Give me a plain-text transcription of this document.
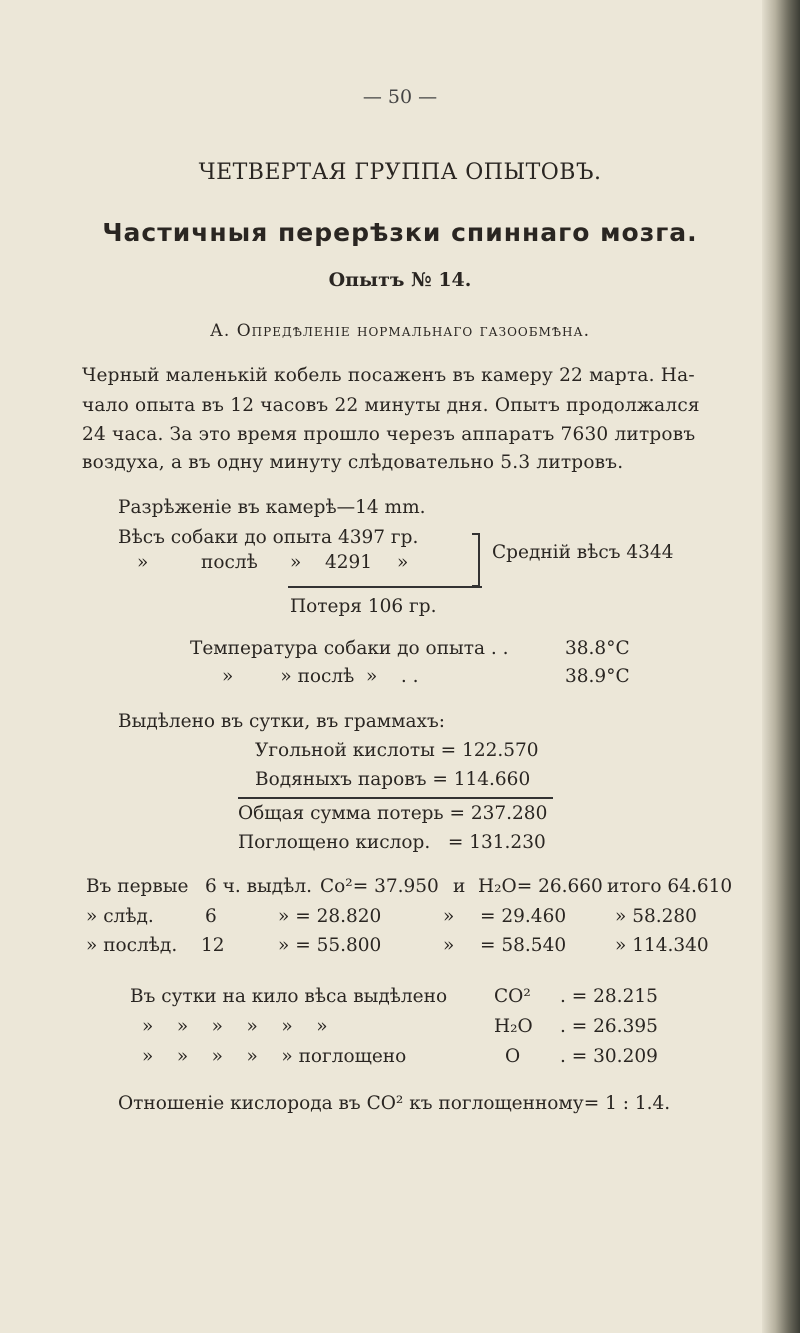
— 50 —
ЧЕТВЕРТАЯ ГРУППА ОПЫТОВЪ.
Частичныя перерѣзки спиннаго мозга.
Опытъ № 14.
А. Опредѣленіе нормальнаго газообмѣна.
Черный маленькій кобель посаженъ въ камеру 22 марта. На-
чало опыта въ 12 часовъ 22 минуты дня. Опытъ продолжался
24 часа. За это время прошло черезъ аппаратъ 7630 литровъ
воздуха, а въ одну минуту слѣдовательно 5.3 литровъ.
Разрѣженіе въ камерѣ—14 mm.
Вѣсъ собаки до опыта 4397 гр.
»	послѣ » 4291 »	Средній вѣсъ 4344
Потеря 106 гр.
Температура собаки до опыта . .	38.8°С
»        » послѣ  »    . .	38.9°С
Выдѣлено въ сутки, въ граммахъ:
Угольной кислоты = 122.570
Водяныхъ паровъ = 114.660
Общая сумма потерь = 237.280
Поглощено кислор.   = 131.230
Въ первые 6 ч. выдѣл. Со²= 37.950 и H₂O= 26.660 итого 64.610
» слѣд.	6	» = 28.820	» = 29.460	» 58.280
» послѣд. 12	» = 55.800	» = 58.540	» 114.340
Въ сутки на кило вѣса выдѣлено	СО² . = 28.215
»    »    »    »    »    »	H₂O . = 26.395
»    »    »    »    » поглощено	О . = 30.209
Отношеніе кислорода въ СО² къ поглощенному= 1 : 1.4.
